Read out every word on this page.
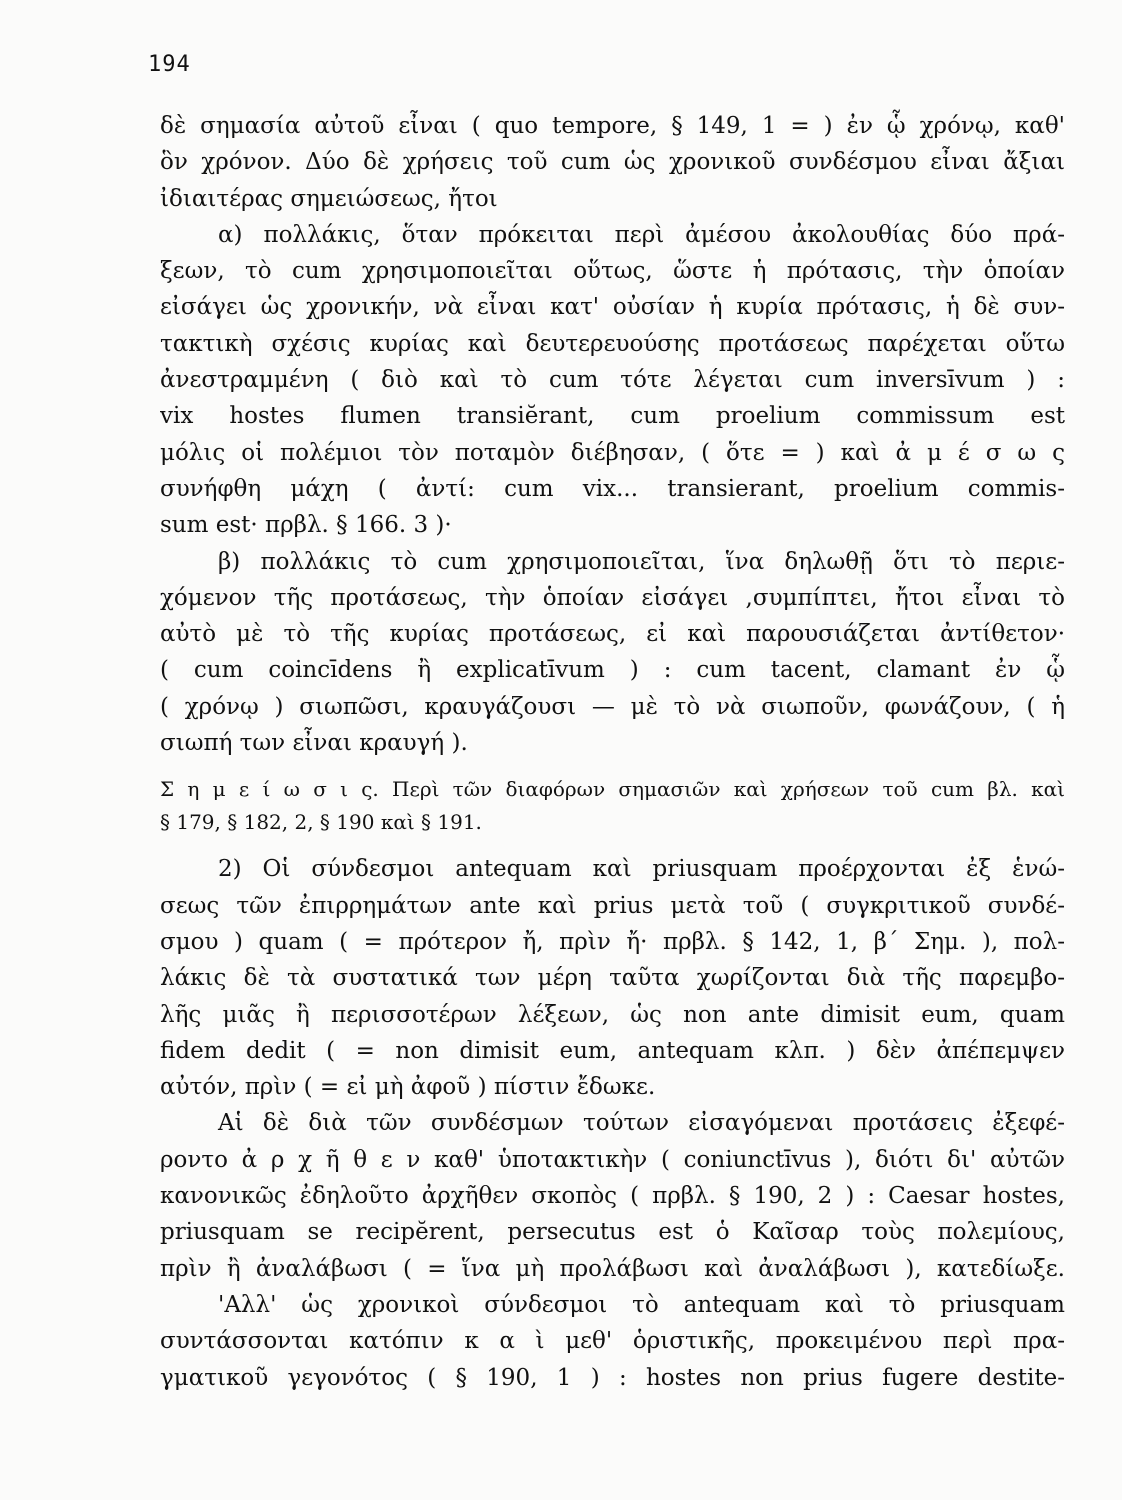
194
δὲ σημασία αὐτοῦ εἶναι ( quo tempore, § 149, 1 = ) ἐν ᾧ χρόνῳ, καθ'
ὃν χρόνον. Δύο δὲ χρήσεις τοῦ cum ὡς χρονικοῦ συνδέσμου εἶναι ἄξιαι
ἰδιαιτέρας σημειώσεως, ἤτοι
α) πολλάκις, ὅταν πρόκειται περὶ ἀμέσου ἀκολουθίας δύο πρά-
ξεων, τὸ cum χρησιμοποιεῖται οὕτως, ὥστε ἡ πρότασις, τὴν ὁποίαν
εἰσάγει ὡς χρονικήν, νὰ εἶναι κατ' οὐσίαν ἡ κυρία πρότασις, ἡ δὲ συν-
τακτικὴ σχέσις κυρίας καὶ δευτερευούσης προτάσεως παρέχεται οὕτω
ἀνεστραμμένη ( διὸ καὶ τὸ cum τότε λέγεται cum inversīvum ) :
vix hostes flumen transiĕrant, cum proelium commissum est
μόλις οἱ πολέμιοι τὸν ποταμὸν διέβησαν, ( ὅτε = ) καὶ ἀ μ έ σ ω ς
συνήφθη μάχη ( ἀντί: cum vix... transierant, proelium commis-
sum est· πρβλ. § 166. 3 )·
β) πολλάκις τὸ cum χρησιμοποιεῖται, ἵνα δηλωθῇ ὅτι τὸ περιε-
χόμενον τῆς προτάσεως, τὴν ὁποίαν εἰσάγει ,συμπίπτει, ἤτοι εἶναι τὸ
αὐτὸ μὲ τὸ τῆς κυρίας προτάσεως, εἰ καὶ παρουσιάζεται ἀντίθετον·
( cum coincīdens ἢ explicatīvum ) : cum tacent, clamant ἐν ᾧ
( χρόνῳ ) σιωπῶσι, κραυγάζουσι — μὲ τὸ νὰ σιωποῦν, φωνάζουν, ( ἡ
σιωπή των εἶναι κραυγή ).
Σ η μ ε ί ω σ ι ς. Περὶ τῶν διαφόρων σημασιῶν καὶ χρήσεων τοῦ cum βλ. καὶ
§ 179, § 182, 2, § 190 καὶ § 191.
2) Οἱ σύνδεσμοι antequam καὶ priusquam προέρχονται ἐξ ἑνώ-
σεως τῶν ἐπιρρημάτων ante καὶ prius μετὰ τοῦ ( συγκριτικοῦ συνδέ-
σμου ) quam ( = πρότερον ἤ, πρὶν ἤ· πρβλ. § 142, 1, β΄ Σημ. ), πολ-
λάκις δὲ τὰ συστατικά των μέρη ταῦτα χωρίζονται διὰ τῆς παρεμβο-
λῆς μιᾶς ἢ περισσοτέρων λέξεων, ὡς non ante dimisit eum, quam
fidem dedit ( = non dimisit eum, antequam κλπ. ) δὲν ἀπέπεμψεν
αὐτόν, πρὶν ( = εἰ μὴ ἀφοῦ ) πίστιν ἔδωκε.
Αἱ δὲ διὰ τῶν συνδέσμων τούτων εἰσαγόμεναι προτάσεις ἐξεφέ-
ροντο ἀ ρ χ ῆ θ ε ν καθ' ὑποτακτικὴν ( coniunctīvus ), διότι δι' αὐτῶν
κανονικῶς ἐδηλοῦτο ἀρχῆθεν σκοπὸς ( πρβλ. § 190, 2 ) : Caesar hostes,
priusquam se recipĕrent, persecutus est ὁ Καῖσαρ τοὺς πολεμίους,
πρὶν ἢ ἀναλάβωσι ( = ἵνα μὴ προλάβωσι καὶ ἀναλάβωσι ), κατεδίωξε.
'Αλλ' ὡς χρονικοὶ σύνδεσμοι τὸ antequam καὶ τὸ priusquam
συντάσσονται κατόπιν κ α ὶ μεθ' ὁριστικῆς, προκειμένου περὶ πρα-
γματικοῦ γεγονότος ( § 190, 1 ) : hostes non prius fugere destite-
